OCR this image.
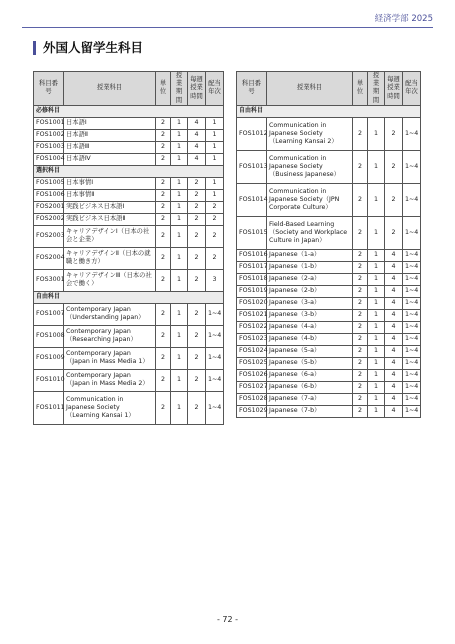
経済学部 2025
外国人留学生科目
科目番号	授業科目	単位	授業期間	毎週授業時間	配当年次
必修科目					
FOS1001	日本語Ⅰ	2	1	4	1
FOS1002	日本語Ⅱ	2	1	4	1
FOS1003	日本語Ⅲ	2	1	4	1
FOS1004	日本語Ⅳ	2	1	4	1
選択科目					
FOS1005	日本事情Ⅰ	2	1	2	1
FOS1006	日本事情Ⅱ	2	1	2	1
FOS2001	実践ビジネス日本語Ⅰ	2	1	2	2
FOS2002	実践ビジネス日本語Ⅱ	2	1	2	2
FOS2003	キャリアデザインⅠ（日本の社会と企業）	2	1	2	2
FOS2004	キャリアデザインⅡ（日本の就職と働き方）	2	1	2	2
FOS3001	キャリアデザインⅢ（日本の社会で働く）	2	1	2	3
自由科目					
FOS1007	Contemporary Japan（Understanding Japan）	2	1	2	1~4
FOS1008	Contemporary Japan（Researching Japan）	2	1	2	1~4
FOS1009	Contemporary Japan（Japan in Mass Media 1）	2	1	2	1~4
FOS1010	Contemporary Japan（Japan in Mass Media 2）	2	1	2	1~4
FOS1011	Communication in Japanese Society（Learning Kansai 1）	2	1	2	1~4
科目番号	授業科目	単位	授業期間	毎週授業時間	配当年次
自由科目					
FOS1012	Communication in Japanese Society（Learning Kansai 2）	2	1	2	1~4
FOS1013	Communication in Japanese Society（Business Japanese）	2	1	2	1~4
FOS1014	Communication in Japanese Society（JPN Corporate Culture）	2	1	2	1~4
FOS1015	Field-Based Learning（Society and Workplace Culture in Japan）	2	1	2	1~4
FOS1016	Japanese（1-a）	2	1	4	1~4
FOS1017	Japanese（1-b）	2	1	4	1~4
FOS1018	Japanese（2-a）	2	1	4	1~4
FOS1019	Japanese（2-b）	2	1	4	1~4
FOS1020	Japanese（3-a）	2	1	4	1~4
FOS1021	Japanese（3-b）	2	1	4	1~4
FOS1022	Japanese（4-a）	2	1	4	1~4
FOS1023	Japanese（4-b）	2	1	4	1~4
FOS1024	Japanese（5-a）	2	1	4	1~4
FOS1025	Japanese（5-b）	2	1	4	1~4
FOS1026	Japanese（6-a）	2	1	4	1~4
FOS1027	Japanese（6-b）	2	1	4	1~4
FOS1028	Japanese（7-a）	2	1	4	1~4
FOS1029	Japanese（7-b）	2	1	4	1~4
- 72 -
